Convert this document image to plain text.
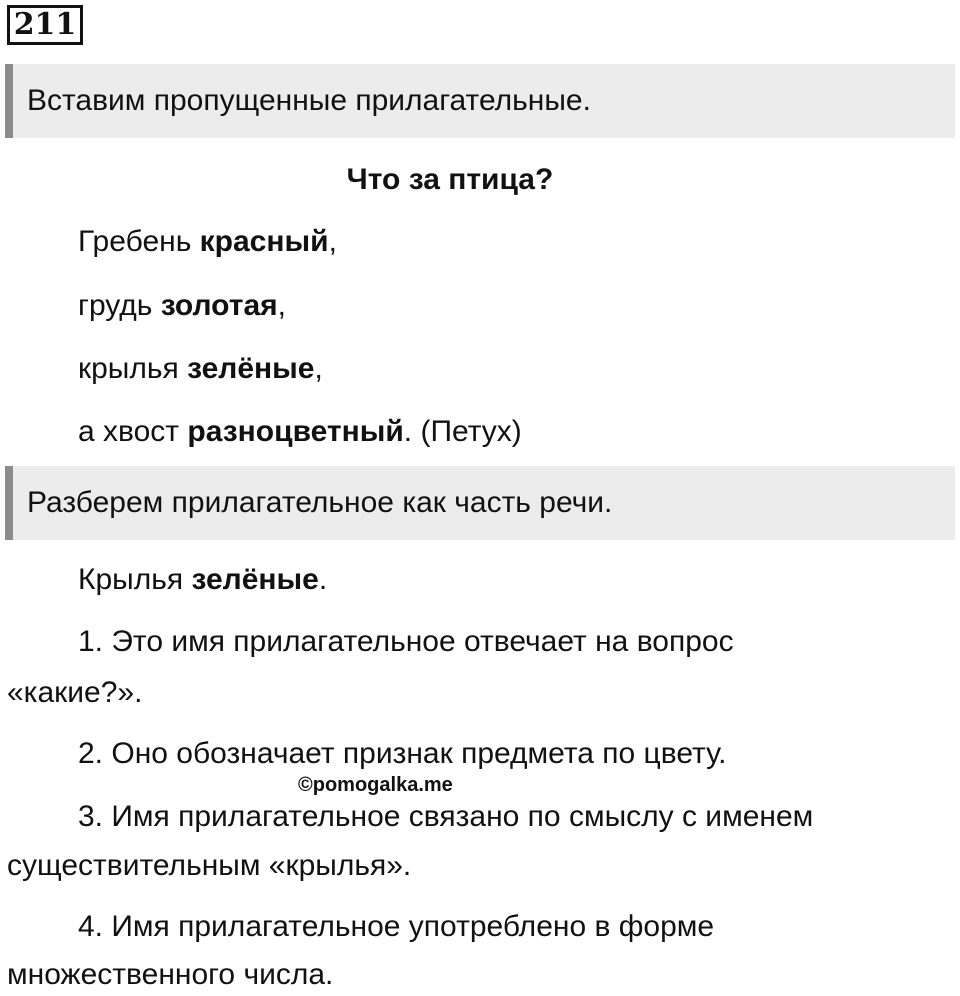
211
Вставим пропущенные прилагательные.
Что за птица?
Гребень красный,
грудь золотая,
крылья зелёные,
а хвост разноцветный. (Петух)
Разберем прилагательное как часть речи.
Крылья зелёные.
1. Это имя прилагательное отвечает на вопрос
«какие?».
2. Оно обозначает признак предмета по цвету.
©pomogalka.me
3. Имя прилагательное связано по смыслу с именем
существительным «крылья».
4. Имя прилагательное употреблено в форме
множественного числа.
